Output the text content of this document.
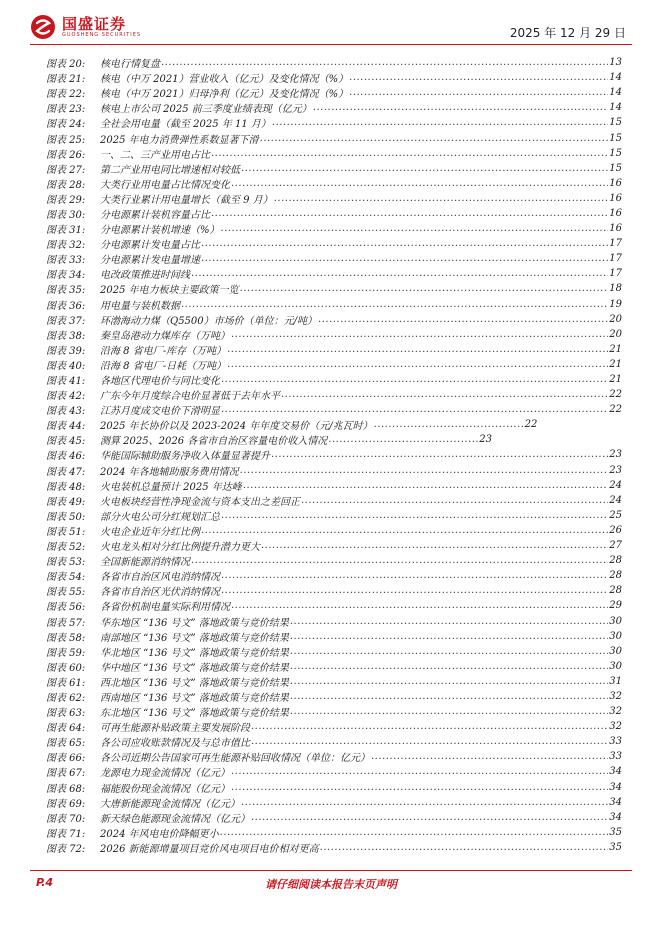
国盛证券
GUOSHENG SECURITIES	2025 年 12 月 29 日
图表 20:	核电行情复盘 .....	13
图表 21:	核电（中万 2021）营业收入（亿元）及变化情况（%） .....	14
图表 22:	核电（中万 2021）归母净利（亿元）及变化情况（%） .....	14
图表 23:	核电上市公司 2025 前三季度业绩表现（亿元） .....	14
图表 24:	全社会用电量（截至 2025 年 11 月） .....	15
图表 25:	2025 年电力消费弹性系数显著下滑 .....	15
图表 26:	一、二、三产业用电占比 .....	15
图表 27:	第二产业用电同比增速相对较低 .....	15
图表 28:	大类行业用电量占比情况变化 .....	16
图表 29:	大类行业累计用电量增长（截至 9 月） .....	16
图表 30:	分电源累计装机容量占比 .....	16
图表 31:	分电源累计装机增速（%） .....	16
图表 32:	分电源累计发电量占比 .....	17
图表 33:	分电源累计发电量增速 .....	17
图表 34:	电改政策推进时间线 .....	17
图表 35:	2025 年电力板块主要政策一览 .....	18
图表 36:	用电量与装机数据 .....	19
图表 37:	环渤海动力煤（Q5500）市场价（单位：元/吨） .....	20
图表 38:	秦皇岛港动力煤库存（万吨） .....	20
图表 39:	沿海 8 省电厂-库存（万吨） .....	21
图表 40:	沿海 8 省电厂-日耗（万吨） .....	21
图表 41:	各地区代理电价与同比变化 .....	21
图表 42:	广东今年月度综合电价显著低于去年水平 .....	22
图表 43:	江苏月度成交电价下滑明显 .....	22
图表 44:	2025 年长协价以及 2023-2024 年年度交易价（元/兆瓦时） .....	22
图表 45:	测算 2025、2026 各省市自治区容量电价收入情况 .....	23
图表 46:	华能国际辅助服务净收入体量显著提升 .....	23
图表 47:	2024 年各地辅助服务费用情况 .....	23
图表 48:	火电装机总量预计 2025 年达峰 .....	24
图表 49:	火电板块经营性净现金流与资本支出之差回正 .....	24
图表 50:	部分火电公司分红规划汇总 .....	25
图表 51:	火电企业近年分红比例 .....	26
图表 52:	火电龙头相对分红比例提升潜力更大 .....	27
图表 53:	全国新能源消纳情况 .....	28
图表 54:	各省市自治区风电消纳情况 .....	28
图表 55:	各省市自治区光伏消纳情况 .....	28
图表 56:	各省份机制电量实际利用情况 .....	29
图表 57:	华东地区 “136 号文” 落地政策与竞价结果 .....	30
图表 58:	南部地区 “136 号文” 落地政策与竞价结果 .....	30
图表 59:	华北地区 “136 号文” 落地政策与竞价结果 .....	30
图表 60:	华中地区 “136 号文” 落地政策与竞价结果 .....	30
图表 61:	西北地区 “136 号文” 落地政策与竞价结果 .....	31
图表 62:	西南地区 “136 号文” 落地政策与竞价结果 .....	32
图表 63:	东北地区 “136 号文” 落地政策与竞价结果 .....	32
图表 64:	可再生能源补贴政策主要发展阶段 .....	32
图表 65:	各公司应收账款情况及与总市值比 .....	33
图表 66:	各公司近期公告国家可再生能源补贴回收情况（单位：亿元） .....	33
图表 67:	龙源电力现金流情况（亿元） .....	34
图表 68:	福能股份现金流情况（亿元） .....	34
图表 69:	大唐新能源现金流情况（亿元） .....	34
图表 70:	新天绿色能源现金流情况（亿元） .....	34
图表 71:	2024 年风电电价降幅更小 .....	35
图表 72:	2026 新能源增量项目竞价风电项目电价相对更高 .....	35
P.4	请仔细阅读本报告末页声明
